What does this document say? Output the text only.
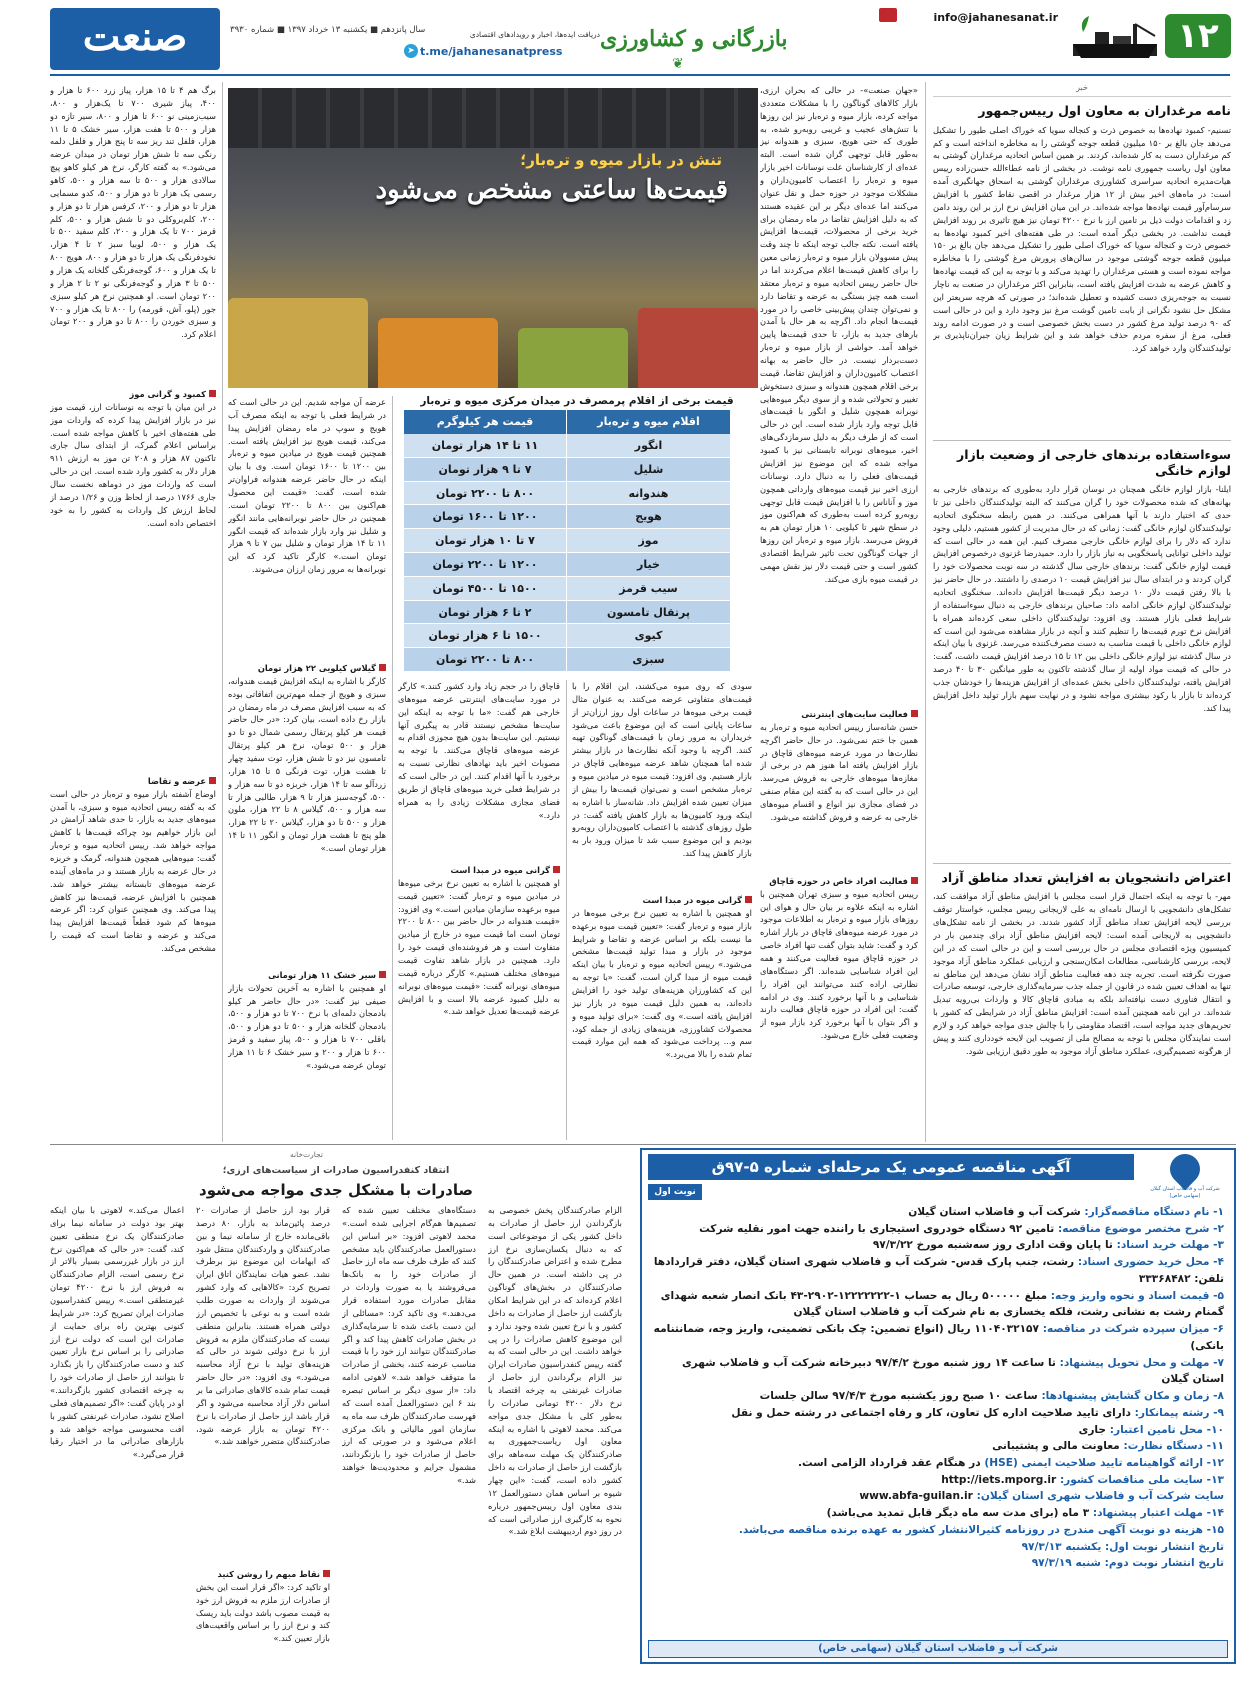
۱۲
info@jahanesanat.ir
بازرگانی و کشاورزی
❦
دریافت ایده‌ها، اخبار و رویدادهای اقتصادی
t.me/jahanesanatpress
➤
سال پانزدهم ■ یکشنبه ۱۳ خرداد ۱۳۹۷ ■ شماره ۳۹۳۰
صنعت
خبر
نامه مرغداران به معاون اول رییس‌جمهور

تسنیم- کمبود نهاده‌ها به خصوص ذرت و کنجاله سویا که خوراک اصلی طیور را تشکیل می‌دهد جان بالغ بر ۱۵۰ میلیون قطعه جوجه گوشتی را به مخاطره انداخته است و کم کم مرغداران دست به کار شده‌اند، کردند. بر همین اساس اتحادیه مرغداران گوشتی به معاون اول ریاست جمهوری نامه نوشت. در بخشی از نامه عطاءالله حسن‌زاده رییس هیات‌مدیره اتحادیه سراسری کشاورزی مرغداران گوشتی به اسحاق جهانگیری آمده است: در ماه‌های اخیر بیش از ۱۲ هزار مرغدار در اقصی نقاط کشور با افزایش سرسام‌آور قیمت نهاده‌ها مواجه شده‌اند. در این میان افزایش نرخ ارز بر این روند دامن زد و اقدامات دولت ذیل بر تامین ارز با نرخ ۴۲۰۰ تومان نیز هیچ تاثیری بر روند افزایش قیمت نداشت. در بخشی دیگر آمده است: در طی هفته‌های اخیر کمبود نهاده‌ها به خصوص ذرت و کنجاله سویا که خوراک اصلی طیور را تشکیل می‌دهد جان بالغ بر ۱۵۰ میلیون قطعه جوجه گوشتی موجود در سالن‌های پرورش مرغ گوشتی را با مخاطره مواجه نموده است و هستی مرغداران را تهدید می‌کند و با توجه به این که قیمت نهاده‌ها و کاهش عرضه به شدت افزایش یافته است، بنابراین اکثر مرغداران در صنعت به ناچار نسبت به جوجه‌ریزی دست کشیده و تعطیل شده‌اند؛ در صورتی که هرچه سریعتر این مشکل حل نشود نگرانی از بابت تامین گوشت مرغ نیز وجود دارد و این در حالی است که ۹۰ درصد تولید مرغ کشور در دست بخش خصوصی است و در صورت ادامه روند فعلی، مرغ از سفره مردم حذف خواهد شد و این شرایط زیان جبران‌ناپذیری بر تولیدکنندگان وارد خواهد کرد.

سوءاستفاده برندهای خارجی از وضعیت بازار لوازم خانگی

ایلنا- بازار لوازم خانگی همچنان در نوسان قرار دارد به‌طوری که برندهای خارجی به بهانه‌های که شده محصولات خود را گران می‌کنند که البته تولیدکنندگان داخلی نیز تا حدی که اختیار دارند با آنها همراهی می‌کنند. در همین رابطه سخنگوی اتحادیه تولیدکنندگان لوازم خانگی گفت: زمانی که در حال مدیریت از کشور هستیم، دلیلی وجود ندارد که دلار را برای لوازم خانگی خارجی مصرف کنیم. این همه در حالی است که تولید داخلی توانایی پاسخگویی به نیاز بازار را دارد. حمیدرضا غزنوی درخصوص افزایش قیمت لوازم خانگی گفت: برندهای خارجی سال گذشته در سه نوبت محصولات خود را گران کردند و در ابتدای سال نیز افزایش قیمت ۱۰ درصدی را داشتند. در حال حاضر نیز با بالا رفتن قیمت دلار ۱۰ درصد دیگر قیمت‌ها افزایش داده‌اند. سخنگوی اتحادیه تولیدکنندگان لوازم خانگی ادامه داد: صاحبان برندهای خارجی به دنبال سوءاستفاده از شرایط فعلی بازار هستند. وی افزود: تولیدکنندگان داخلی سعی کرده‌اند همراه با افزایش نرخ تورم قیمت‌ها را تنظیم کنند و آنچه در بازار مشاهده می‌شود این است که لوازم خانگی داخلی با قیمت مناسب به دست مصرف‌کننده می‌رسد. غزنوی با بیان اینکه در سال گذشته نیز لوازم خانگی داخلی بین ۱۲ تا ۱۵ درصد افزایش قیمت داشت، گفت: در حالی که قیمت مواد اولیه از سال گذشته تاکنون به طور میانگین ۳۰ تا ۴۰ درصد افزایش یافته، تولیدکنندگان داخلی بخش عمده‌ای از افزایش هزینه‌ها را خودشان جذب کرده‌اند تا بازار با رکود بیشتری مواجه نشود و در نهایت سهم بازار تولید داخل افزایش پیدا کند.

اعتراض دانشجویان به افزایش تعداد مناطق آزاد

مهر- با توجه به اینکه احتمال قرار است مجلس با افزایش مناطق آزاد موافقت کند، تشکل‌های دانشجویی با ارسال نامه‌ای به علی لاریجانی رییس مجلس، خواستار توقف بررسی لایحه افزایش تعداد مناطق آزاد کشور شدند. در بخشی از نامه تشکل‌های دانشجویی به لاریجانی آمده است: لایحه افزایش مناطق آزاد برای چندمین بار در کمیسیون ویژه اقتصادی مجلس در حال بررسی است و این در حالی است که در این لایحه، بررسی کارشناسی، مطالعات امکان‌سنجی و ارزیابی عملکرد مناطق آزاد موجود صورت نگرفته است. تجربه چند دهه فعالیت مناطق آزاد نشان می‌دهد این مناطق نه تنها به اهداف تعیین شده در قانون از جمله جذب سرمایه‌گذاری خارجی، توسعه صادرات و انتقال فناوری دست نیافته‌اند بلکه به مبادی قاچاق کالا و واردات بی‌رویه تبدیل شده‌اند. در این نامه همچنین آمده است: افزایش مناطق آزاد در شرایطی که کشور با تحریم‌های جدید مواجه است، اقتصاد مقاومتی را با چالش جدی مواجه خواهد کرد و لازم است نمایندگان مجلس با توجه به مصالح ملی از تصویب این لایحه خودداری کنند و پیش از هرگونه تصمیم‌گیری، عملکرد مناطق آزاد موجود به طور دقیق ارزیابی شود.

«جهان صنعت»- در حالی که بحران ارزی، بازار کالاهای گوناگون را با مشکلات متعددی مواجه کرده، بازار میوه و تره‌بار نیز این روزها با تنش‌های عجیب و غریبی روبه‌رو شده، به طوری که حتی هویج، سبزی و هندوانه نیز به‌طور قابل توجهی گران شده است. البته عده‌ای از کارشناسان علت نوسانات اخیر بازار میوه و تره‌بار را اعتصاب کامیون‌داران و مشکلات موجود در حوزه حمل و نقل عنوان می‌کنند اما عده‌ای دیگر بر این عقیده هستند که به دلیل افزایش تقاضا در ماه رمضان برای خرید برخی از محصولات، قیمت‌ها افزایش یافته است. نکته جالب توجه اینکه تا چند وقت پیش مسوولان بازار میوه و تره‌بار زمانی معین را برای کاهش قیمت‌ها اعلام می‌کردند اما در حال حاضر رییس اتحادیه میوه و تره‌بار معتقد است همه چیز بستگی به عرضه و تقاضا دارد و نمی‌توان چندان پیش‌بینی خاصی را در مورد قیمت‌ها انجام داد. اگرچه به هر حال با آمدن بارهای جدید به بازار، تا حدی قیمت‌ها پایین خواهد آمد. حواشی از بازار میوه و تره‌بار دست‌بردار نیست. در حال حاضر به بهانه اعتصاب کامیون‌داران و افزایش تقاضا، قیمت برخی اقلام همچون هندوانه و سبزی دستخوش تغییر و تحولاتی شده و از سوی دیگر میوه‌هایی نوبرانه همچون شلیل و انگور با قیمت‌های قابل توجه وارد بازار شده است. این در حالی است که از طرف دیگر به دلیل سرمازدگی‌های اخیر، میوه‌های نوبرانه تابستانی نیز با کمبود مواجه شده که این موضوع نیز افزایش قیمت‌های فعلی را به دنبال دارد. نوسانات ارزی اخیر نیز قیمت میوه‌های وارداتی همچون موز و آناناس را با افزایش قیمت قابل توجهی روبه‌رو کرده است به‌طوری که هم‌اکنون موز در سطح شهر تا کیلویی ۱۰ هزار تومان هم به فروش می‌رسد. بازار میوه و تره‌بار این روزها از جهات گوناگون تحت تاثیر شرایط اقتصادی کشور است و حتی قیمت دلار نیز نقش مهمی در قیمت میوه بازی می‌کند.

فعالیت سایت‌های اینترنتی

حسن شانه‌ساز رییس اتحادیه میوه و تره‌بار به همین جا ختم نمی‌شود. در حال حاضر اگرچه نظارت‌ها در مورد عرضه میوه‌های قاچاق در بازار افزایش یافته اما هنوز هم در برخی از مغازه‌ها میوه‌های خارجی به فروش می‌رسد. این در حالی است که به گفته این مقام صنفی در فضای مجازی نیز انواع و اقسام میوه‌های خارجی به عرضه و فروش گذاشته می‌شود.

فعالیت افراد خاص در حوزه قاچاق

رییس اتحادیه میوه و سبزی تهران همچنین با اشاره به اینکه علاوه بر بیان حال و هوای این روزهای بازار میوه و تره‌بار به اطلاعات موجود در مورد عرضه میوه‌های قاچاق در بازار اشاره کرد و گفت: شاید بتوان گفت تنها افراد خاصی در حوزه قاچاق میوه فعالیت می‌کنند و همه این افراد شناسایی شده‌اند. اگر دستگاه‌های نظارتی اراده کنند می‌توانند این افراد را شناسایی و با آنها برخورد کنند. وی در ادامه گفت: این افراد در حوزه قاچاق فعالیت دارند و اگر بتوان با آنها برخورد کرد بازار میوه از وضعیت فعلی خارج می‌شود.

تنش در بازار میوه و تره‌بار؛
قیمت‌ها ساعتی مشخص می‌شود
قیمت برخی از اقلام پرمصرف در میدان مرکزی میوه و تره‌بار
اقلام میوه و تره‌بار
قیمت هر کیلوگرم
انگور
۱۱ تا ۱۴ هزار تومان
شلیل
۷ تا ۹ هزار تومان
هندوانه
۸۰۰ تا ۲۲۰۰ تومان
هویج
۱۲۰۰ تا ۱۶۰۰ تومان
موز
۷ تا ۱۰ هزار تومان
خیار
۱۲۰۰ تا ۲۲۰۰ تومان
سیب قرمز
۱۵۰۰ تا ۴۵۰۰ تومان
پرتقال تامسون
۲ تا ۶ هزار تومان
کیوی
۱۵۰۰ تا ۶ هزار تومان
سبزی
۸۰۰ تا ۲۲۰۰ تومان

سودی که روی میوه می‌کشند، این اقلام را با قیمت‌های متفاوتی عرضه می‌کنند. به عنوان مثال قیمت برخی میوه‌ها در ساعات اول روز ارزان‌تر از ساعات پایانی است که این موضوع باعث می‌شود خریداران به مرور زمان با قیمت‌های گوناگون تهیه کنند. اگرچه با وجود آنکه نظارت‌ها در بازار بیشتر شده اما همچنان شاهد عرضه میوه‌هایی قاچاق در بازار هستیم. وی افزود: قیمت میوه در میادین میوه و تره‌بار مشخص است و نمی‌توان قیمت‌ها را بیش از میزان تعیین شده افزایش داد. شانه‌ساز با اشاره به اینکه ورود کامیون‌ها به بازار کاهش یافته گفت: در طول روزهای گذشته با اعتصاب کامیون‌داران روبه‌رو بودیم و این موضوع سبب شد تا میزان ورود بار به بازار کاهش پیدا کند.

گرانی میوه در مبدا است

او همچنین با اشاره به تعیین نرخ برخی میوه‌ها در بازار میوه و تره‌بار گفت: «تعیین قیمت میوه برعهده ما نیست بلکه بر اساس عرضه و تقاضا و شرایط موجود در بازار و مبدا تولید قیمت‌ها مشخص می‌شود.» رییس اتحادیه میوه و تره‌بار با بیان اینکه قیمت میوه از مبدا گران است، گفت: «با توجه به این که کشاورزان هزینه‌های تولید خود را افزایش داده‌اند، به همین دلیل قیمت میوه در بازار نیز افزایش یافته است.» وی گفت: «برای تولید میوه و محصولات کشاورزی، هزینه‌های زیادی از جمله کود، سم و... پرداخت می‌شود که همه این موارد قیمت تمام شده را بالا می‌برد.»

قاچاق را در حجم زیاد وارد کشور کنند.» کارگر در مورد سایت‌های اینترنتی عرضه میوه‌های خارجی هم گفت: «ما با توجه به اینکه این سایت‌ها مشخص نیستند قادر به پیگیری آنها نیستیم. این سایت‌ها بدون هیچ مجوزی اقدام به عرضه میوه‌های قاچاق می‌کنند. با توجه به مصوبات اخیر باید نهادهای نظارتی نسبت به برخورد با آنها اقدام کنند. این در حالی است که در شرایط فعلی خرید میوه‌های قاچاق از طریق فضای مجازی مشکلات زیادی را به همراه دارد.»

گرانی میوه در مبدا است

او همچنین با اشاره به تعیین نرخ برخی میوه‌ها در میادین میوه و تره‌بار گفت: «تعیین قیمت میوه برعهده سازمان میادین است.» وی افزود: «قیمت هندوانه در حال حاضر بین ۸۰۰ تا ۲۲۰۰ تومان است اما قیمت میوه در خارج از میادین متفاوت است و هر فروشنده‌ای قیمت خود را دارد. همچنین در بازار شاهد تفاوت قیمت میوه‌های مختلف هستیم.» کارگر درباره قیمت میوه‌های نوبرانه گفت: «قیمت میوه‌های نوبرانه به دلیل کمبود عرضه بالا است و با افزایش عرضه قیمت‌ها تعدیل خواهد شد.»

عرضه آن مواجه شدیم. این در حالی است که در شرایط فعلی با توجه به اینکه مصرف آب هویج و سوپ در ماه رمضان افزایش پیدا می‌کند، قیمت هویج نیز افزایش یافته است. همچنین قیمت هویج در میادین میوه و تره‌بار بین ۱۲۰۰ تا ۱۶۰۰ تومان است. وی با بیان اینکه در حال حاضر عرضه هندوانه فراوان‌تر شده است، گفت: «قیمت این محصول هم‌اکنون بین ۸۰۰ تا ۲۲۰۰ تومان است. همچنین در حال حاضر نوبرانه‌هایی مانند انگور و شلیل نیز وارد بازار شده‌اند که قیمت انگور ۱۱ تا ۱۴ هزار تومان و شلیل بین ۷ تا ۹ هزار تومان است.» کارگر تاکید کرد که این نوبرانه‌ها به مرور زمان ارزان می‌شوند.

گیلاس کیلویی ۲۲ هزار تومان

کارگر با اشاره به اینکه افزایش قیمت هندوانه، سبزی و هویج از جمله مهم‌ترین اتفاقاتی بوده که به سبب افزایش مصرف در ماه رمضان در بازار رخ داده است، بیان کرد: «در حال حاضر قیمت هر کیلو پرتقال رسمی شمال دو تا دو هزار و ۵۰۰ تومان، نرخ هر کیلو پرتقال تامسون نیز دو تا شش هزار، توت سفید چهار تا هشت هزار، توت فرنگی ۵ تا ۱۵ هزار، زردآلو سه تا ۱۴ هزار، خربزه دو تا سه هزار و ۵۰۰، گوجه‌سبز هزار تا ۹ هزار، طالبی هزار تا سه هزار و ۵۰۰، گیلاس ۸ تا ۲۲ هزار، ملون هزار و ۵۰۰ تا دو هزار، گیلاس ۲۰ تا ۲۲ هزار، هلو پنج تا هشت هزار تومان و انگور ۱۱ تا ۱۴ هزار تومان است.»

سیر خشک ۱۱ هزار تومانی

او همچنین با اشاره به آخرین تحولات بازار صیفی نیز گفت: «در حال حاضر هر کیلو بادمجان دلمه‌ای با نرخ ۷۰۰ تا دو هزار و ۵۰۰، بادمجان گلخانه هزار و ۵۰۰ تا دو هزار و ۵۰۰، باقلی ۷۰۰ تا هزار و ۵۰۰، پیاز سفید و قرمز ۶۰۰ تا هزار و ۲۰۰ و سیر خشک ۶ تا ۱۱ هزار تومان عرضه می‌شود.»

برگ هم ۴ تا ۱۵ هزار، پیاز زرد ۶۰۰ تا هزار و ۴۰۰، پیاز شیری ۷۰۰ تا یک‌هزار و ۸۰۰، سیب‌زمینی نو ۶۰۰ تا هزار و ۸۰۰، سیر تازه دو هزار و ۵۰۰ تا هفت هزار، سیر خشک ۵ تا ۱۱ هزار، فلفل تند ریز سه تا پنج هزار و فلفل دلمه رنگی سه تا شش هزار تومان در میدان عرضه می‌شود.» به گفته کارگر، نرخ هر کیلو کاهو پیچ سالادی هزار و ۵۰۰ تا سه هزار و ۵۰۰، کاهو رسمی یک هزار تا دو هزار و ۵۰۰، کدو مسمایی هزار تا دو هزار و ۲۰۰، کرفس هزار تا دو هزار و ۲۰۰، کلم‌بروکلی دو تا شش هزار و ۵۰۰، کلم قرمز ۷۰۰ تا یک هزار و ۲۰۰، کلم سفید ۵۰۰ تا یک هزار و ۵۰۰، لوبیا سبز ۲ تا ۴ هزار، نخودفرنگی یک هزار تا دو هزار و ۸۰۰، هویج ۸۰۰ تا یک هزار و ۶۰۰، گوجه‌فرنگی گلخانه یک هزار و ۵۰۰ تا ۳ هزار و گوجه‌فرنگی نو ۲ تا ۲ هزار و ۲۰۰ تومان است. او همچنین نرخ هر کیلو سبزی جور (پلو، آش، قورمه) را ۸۰۰ تا یک هزار و ۷۰۰ و سبزی خوردن را ۸۰۰ تا دو هزار و ۲۰۰ تومان اعلام کرد.

کمبود و گرانی موز

در این میان با توجه به نوسانات ارز، قیمت موز نیز در بازار افزایش پیدا کرده که واردات موز طی هفته‌های اخیر با کاهش مواجه شده است. براساس اعلام گمرک، از ابتدای سال جاری تاکنون ۸۷ هزار و ۲۰۸ تن موز به ارزش ۹۱۱ هزار دلار به کشور وارد شده است. این در حالی است که واردات موز در دوماهه نخست سال جاری ۱۷۶۶ درصد از لحاظ وزن و ۱/۲۶ درصد از لحاظ ارزش کل واردات به کشور را به خود اختصاص داده است.

عرضه و تقاضا

اوضاع آشفته بازار میوه و تره‌بار در حالی است که به گفته رییس اتحادیه میوه و سبزی، با آمدن میوه‌های جدید به بازار، تا حدی شاهد آرامش در این بازار خواهیم بود چراکه قیمت‌ها با کاهش مواجه خواهد شد. رییس اتحادیه میوه و تره‌بار گفت: میوه‌هایی همچون هندوانه، گرمک و خربزه در حال عرضه به بازار هستند و در ماه‌های آینده عرضه میوه‌های تابستانه بیشتر خواهد شد. همچنین با افزایش عرضه، قیمت‌ها نیز کاهش پیدا می‌کند. وی همچنین عنوان کرد: اگر عرضه میوه‌ها کم شود قطعاً قیمت‌ها افزایش پیدا می‌کند و عرضه و تقاضا است که قیمت را مشخص می‌کند.

تجارت‌خانه
انتقاد کنفدراسیون صادرات از سیاست‌های ارزی؛
صادرات با مشکل جدی مواجه می‌شود

الزام صادرکنندگان پخش خصوصی به بازگرداندن ارز حاصل از صادرات به داخل کشور یکی از موضوعاتی است که به دنبال یکسان‌سازی نرخ ارز مطرح شده و اعتراض صادرکنندگان را در پی داشته است. در همین حال صادرکنندگان در بخش‌های گوناگون اعلام کرده‌اند که در این شرایط امکان بازگشت ارز حاصل از صادرات به داخل کشور و با نرخ تعیین شده وجود ندارد و این موضوع کاهش صادرات را در پی خواهد داشت. این در حالی است که به گفته رییس کنفدراسیون صادرات ایران نیز الزام برگرداندن ارز حاصل از صادرات غیرنفتی به چرخه اقتصاد با نرخ دلار ۴۲۰۰ تومانی صادرات را به‌طور کلی با مشکل جدی مواجه می‌کند. محمد لاهوتی با اشاره به اینکه معاون اول ریاست‌جمهوری به صادرکنندگان یک مهلت سه‌ماهه برای بازگشت ارز حاصل از صادرات به داخل کشور داده است، گفت: «این چهار شیوه بر اساس همان دستورالعمل ۱۲ بندی معاون اول رییس‌جمهور درباره نحوه به کارگیری ارز صادراتی است که در روز دوم اردیبهشت ابلاغ شد.»

دستگاه‌های مختلف تعیین شده که تصمیم‌ها هم‌گام اجرایی شده است.» محمد لاهوتی افزود: «بر اساس این دستورالعمل صادرکنندگان باید مشخص کنند که طرف ظرف سه ماه ارز حاصل از صادرات خود را به بانک‌ها می‌فروشند یا به صورت واردات در مقابل صادرات مورد استفاده قرار می‌دهند.» وی تاکید کرد: «مسائلی از این دست باعث شده تا سرمایه‌گذاری در بخش صادرات کاهش پیدا کند و اگر صادرکنندگان نتوانند ارز خود را با قیمت مناسب عرضه کنند، بخشی از صادرات ما متوقف خواهد شد.» لاهوتی ادامه داد: «از سوی دیگر بر اساس تبصره بند ۶ این دستورالعمل آمده است که فهرست صادرکنندگان ظرف سه ماه به سازمان امور مالیاتی و بانک مرکزی اعلام می‌شود و در صورتی که ارز حاصل از صادرات خود را بازنگردانند، مشمول جرایم و محدودیت‌ها خواهند شد.»

قرار بود ارز حاصل از صادرات ۲۰ درصد پائین‌ماند به بازار، ۸۰ درصد باقی‌مانده خارج از سامانه نیما و بین صادرکنندگان و واردکنندگان منتقل شود که ابهامات این موضوع نیز برطرف نشد. عضو هیات نمایندگان اتاق ایران تصریح کرد: «کالاهایی که وارد کشور می‌شوند از واردات به صورت طلب شده است و به نوعی با تخصیص ارز دولتی همراه هستند. بنابراین منطقی نیست که صادرکنندگان ملزم به فروش ارز با نرخ دولتی شوند در حالی که هزینه‌های تولید با نرخ آزاد محاسبه می‌شود.» وی افزود: «در حال حاضر قیمت تمام شده کالاهای صادراتی ما بر اساس دلار آزاد محاسبه می‌شود و اگر قرار باشد ارز حاصل از صادرات با نرخ ۴۲۰۰ تومان به بازار عرضه شود، صادرکنندگان متضرر خواهند شد.»

نقاط مبهم را روشن کنید

او تاکید کرد: «اگر قرار است این بخش از صادرات ارز ملزم به فروش ارز خود به قیمت مصوب باشد دولت باید ریسک کند و نرخ ارز را بر اساس واقعیت‌های بازار تعیین کند.»

اعمال می‌کند.» لاهوتی با بیان اینکه بهتر بود دولت در سامانه نیما برای صادرکنندگان یک نرخ منطقی تعیین کند، گفت: «در حالی که هم‌اکنون نرخ ارز در بازار غیررسمی بسیار بالاتر از نرخ رسمی است، الزام صادرکنندگان به فروش ارز با نرخ ۴۲۰۰ تومان غیرمنطقی است.» رییس کنفدراسیون صادرات ایران تصریح کرد: «در شرایط کنونی بهترین راه برای حمایت از صادرات این است که دولت نرخ ارز صادراتی را بر اساس نرخ بازار تعیین کند و دست صادرکنندگان را باز بگذارد تا بتوانند ارز حاصل از صادرات خود را به چرخه اقتصادی کشور بازگردانند.» او در پایان گفت: «اگر تصمیم‌های فعلی اصلاح نشود، صادرات غیرنفتی کشور با افت محسوسی مواجه خواهد شد و بازارهای صادراتی ما در اختیار رقبا قرار می‌گیرد.»

آگهی مناقصه عمومی یک مرحله‌ای شماره ۵-۹۷ق
شرکت آب و فاضلاب استان گیلان (سهامی خاص)
نوبت اول
۱- نام دستگاه مناقصه‌گزار: شرکت آب و فاضلاب استان گیلان
۲- شرح مختصر موضوع مناقصه: تامین ۹۲ دستگاه خودروی استیجاری با راننده جهت امور نقلیه شرکت
۳- مهلت خرید اسناد: تا پایان وقت اداری روز سه‌شنبه مورخ ۹۷/۳/۲۲
۴- محل خرید حضوری اسناد: رشت، جنب پارک قدس- شرکت آب و فاضلاب شهری استان گیلان، دفتر قراردادها تلفن: ۳۳۳۶۸۴۸۲
۵- قیمت اسناد و نحوه واریز وجه: مبلغ ۵۰۰۰۰۰ ریال به حساب ۱-۱۲۲۲۲۲۲۲-۲۹۰۲-۴۳ بانک انصار شعبه شهدای گمنام رشت به نشانی رشت، فلکه یخسازی به نام شرکت آب و فاضلاب استان گیلان
۶- میزان سپرده شرکت در مناقصه: ۱۱۰۴۰۳۲۱۵۷ ریال (انواع تضمین: چک بانکی تضمینی، واریز وجه، ضمانتنامه بانکی)
۷- مهلت و محل تحویل پیشنهاد: تا ساعت ۱۴ روز شنبه مورخ ۹۷/۴/۲ دبیرخانه شرکت آب و فاضلاب شهری استان گیلان
۸- زمان و مکان گشایش پیشنهادها: ساعت ۱۰ صبح روز یکشنبه مورخ ۹۷/۴/۳ سالن جلسات
۹- رشته پیمانکار: دارای تایید صلاحیت اداره کل تعاون، کار و رفاه اجتماعی در رشته حمل و نقل
۱۰- محل تامین اعتبار: جاری
۱۱- دستگاه نظارت: معاونت مالی و پشتیبانی
۱۲- ارائه گواهینامه تایید صلاحیت ایمنی (HSE) در هنگام عقد قرارداد الزامی است.
۱۳- سایت ملی مناقصات کشور: http://iets.mporg.ir
سایت شرکت آب و فاضلاب شهری استان گیلان: www.abfa-guilan.ir
۱۴- مهلت اعتبار پیشنهاد: ۳ ماه (برای مدت سه ماه دیگر قابل تمدید می‌باشد)
۱۵- هزینه دو نوبت آگهی مندرج در روزنامه کثیرالانتشار کشور به عهده برنده مناقصه می‌باشد.
تاریخ انتشار نوبت اول: یکشنبه ۹۷/۳/۱۳
تاریخ انتشار نوبت دوم: شنبه ۹۷/۳/۱۹
شرکت آب و فاضلاب استان گیلان (سهامی خاص)
